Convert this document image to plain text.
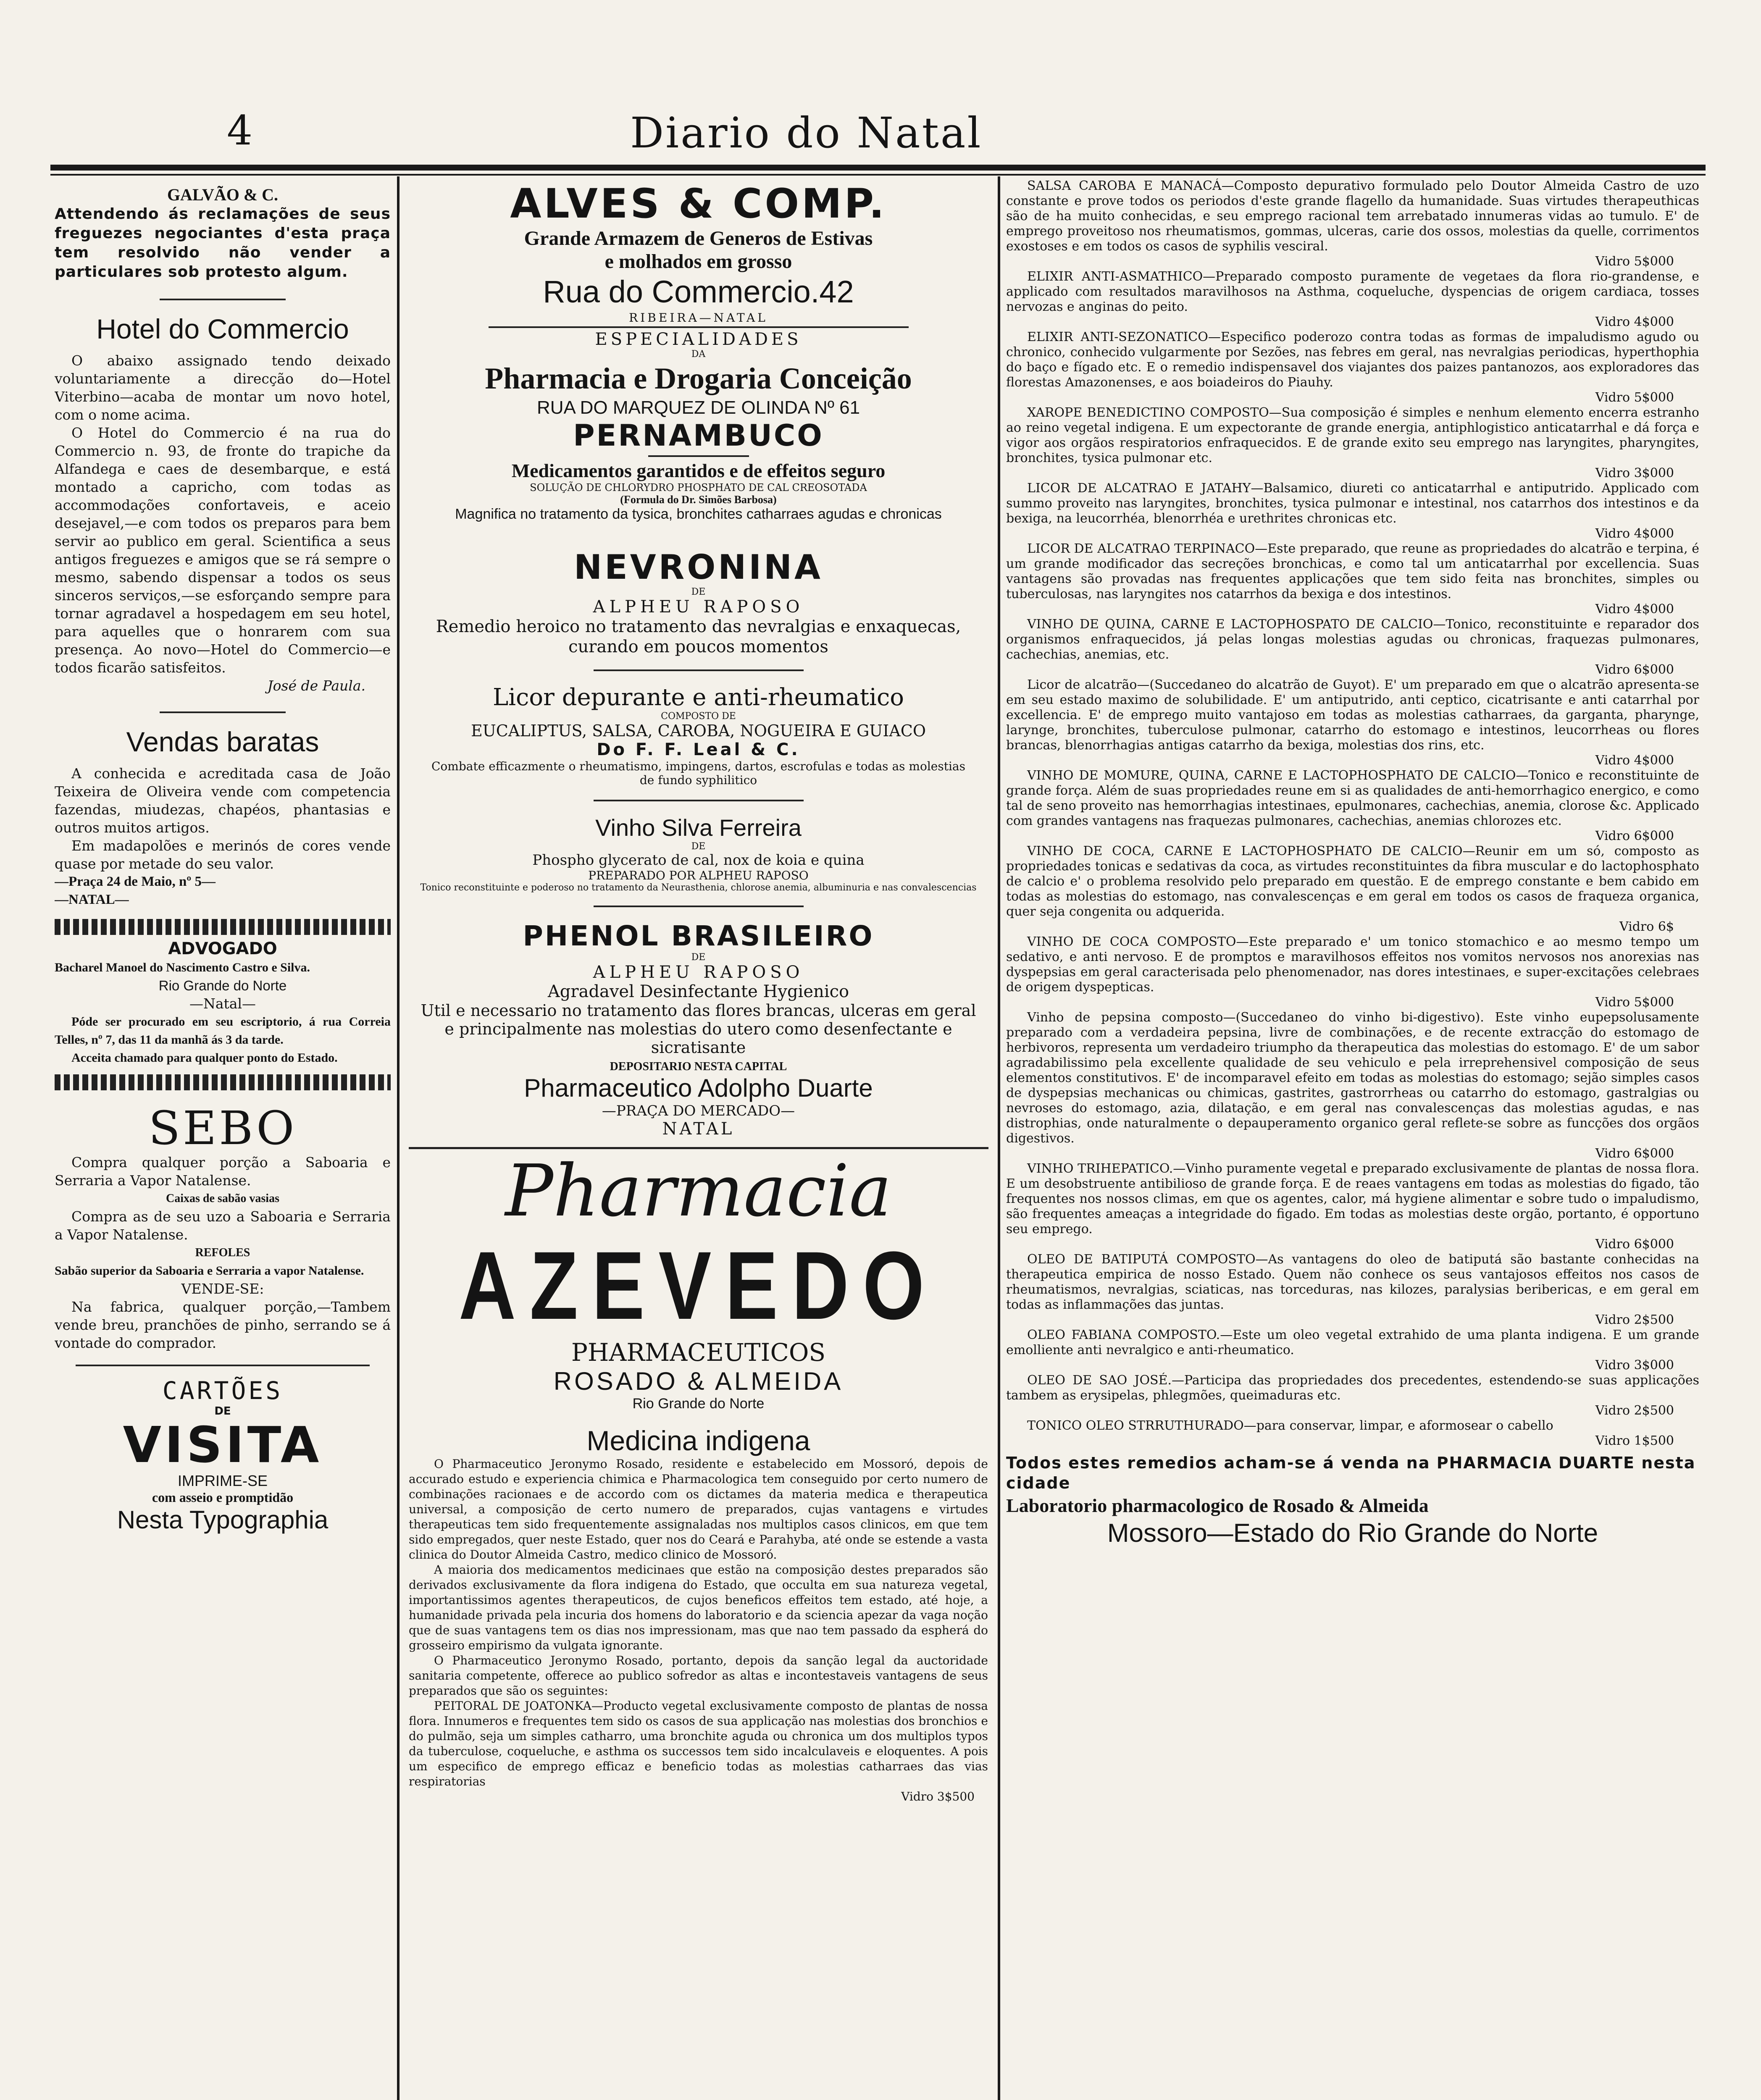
4	Diario do Natal
GALVÃO & C.

Attendendo ás reclamações de seus freguezes negociantes d'esta praça tem resolvido não vender a particulares sob protesto algum.

Hotel do Commercio

O abaixo assignado tendo deixado voluntariamente a direcção do—Hotel Viterbino—acaba de montar um novo hotel, com o nome acima.

O Hotel do Commercio é na rua do Commercio n. 93, de fronte do trapiche da Alfandega e caes de desembarque, e está montado a capricho, com todas as accommodações confortaveis, e aceio desejavel,—e com todos os preparos para bem servir ao publico em geral. Scientifica a seus antigos freguezes e amigos que se rá sempre o mesmo, sabendo dispensar a todos os seus sinceros serviços,—se esforçando sempre para tornar agradavel a hospedagem em seu hotel, para aquelles que o honrarem com sua presença. Ao novo—Hotel do Commercio—e todos ficarão satisfeitos.

José de Paula.

Vendas baratas

A conhecida e acreditada casa de João Teixeira de Oliveira vende com competencia fazendas, miudezas, chapéos, phantasias e outros muitos artigos.

Em madapolões e merinós de cores vende quase por metade do seu valor.

—Praça 24 de Maio, nº 5—

—NATAL—

ADVOGADO

Bacharel Manoel do Nascimento Castro e Silva.

Rio Grande do Norte

—Natal—

Póde ser procurado em seu escriptorio, á rua Correia Telles, nº 7, das 11 da manhã ás 3 da tarde.

Acceita chamado para qualquer ponto do Estado.

SEBO

Compra qualquer porção a Saboaria e Serraria a Vapor Natalense.

Caixas de sabão vasias

Compra as de seu uzo a Saboaria e Serraria a Vapor Natalense.

REFOLES

Sabão superior da Saboaria e Serraria a vapor Natalense.

VENDE-SE:

Na fabrica, qualquer porção,—Tambem vende breu, pranchões de pinho, serrando se á vontade do comprador.

CARTÕES
DE
VISITA
IMPRIME-SE
com asseio e promptidão
Nesta Typographia
ALVES & COMP.
Grande Armazem de Generos de Estivas
e molhados em grosso
Rua do Commercio.42
RIBEIRA—NATAL
ESPECIALIDADES
DA
Pharmacia e Drogaria Conceição
RUA DO MARQUEZ DE OLINDA Nº 61
PERNAMBUCO
Medicamentos garantidos e de effeitos seguro
SOLUÇÃO DE CHLORYDRO PHOSPHATO DE CAL CREOSOTADA
(Formula do Dr. Simões Barbosa)
Magnifica no tratamento da tysica, bronchites catharraes agudas e chronicas
NEVRONINA
DE
ALPHEU RAPOSO
Remedio heroico no tratamento das nevralgias e enxaquecas, curando em poucos momentos
Licor depurante e anti-rheumatico
COMPOSTO DE
EUCALIPTUS, SALSA, CAROBA, NOGUEIRA E GUIACO
Do F. F. Leal & C.
Combate efficazmente o rheumatismo, impingens, dartos, escrofulas e todas as molestias de fundo syphilitico
Vinho Silva Ferreira
DE
Phospho glycerato de cal, nox de koia e quina
PREPARADO POR ALPHEU RAPOSO
Tonico reconstituinte e poderoso no tratamento da Neurasthenia, chlorose anemia, albuminuria e nas convalescencias
PHENOL BRASILEIRO
DE
ALPHEU RAPOSO
Agradavel Desinfectante Hygienico
Util e necessario no tratamento das flores brancas, ulceras em geral e principalmente nas molestias do utero como desenfectante e sicratisante
DEPOSITARIO NESTA CAPITAL
Pharmaceutico Adolpho Duarte
—PRAÇA DO MERCADO—
NATAL
Pharmacia
AZEVEDO
PHARMACEUTICOS
ROSADO & ALMEIDA
Rio Grande do Norte
Medicina indigena

O Pharmaceutico Jeronymo Rosado, residente e estabelecido em Mossoró, depois de accurado estudo e experiencia chimica e Pharmacologica tem conseguido por certo numero de combinações racionaes e de accordo com os dictames da materia medica e therapeutica universal, a composição de certo numero de preparados, cujas vantagens e virtudes therapeuticas tem sido frequentemente assignaladas nos multiplos casos clinicos, em que tem sido empregados, quer neste Estado, quer nos do Ceará e Parahyba, até onde se estende a vasta clinica do Doutor Almeida Castro, medico clinico de Mossoró.

A maioria dos medicamentos medicinaes que estão na composição destes preparados são derivados exclusivamente da flora indigena do Estado, que occulta em sua natureza vegetal, importantissimos agentes therapeuticos, de cujos beneficos effeitos tem estado, até hoje, a humanidade privada pela incuria dos homens do laboratorio e da sciencia apezar da vaga noção que de suas vantagens tem os dias nos impressionam, mas que nao tem passado da espherá do grosseiro empirismo da vulgata ignorante.

O Pharmaceutico Jeronymo Rosado, portanto, depois da sanção legal da auctoridade sanitaria competente, offerece ao publico sofredor as altas e incontestaveis vantagens de seus preparados que são os seguintes:

PEITORAL DE JOATONKA—Producto vegetal exclusivamente composto de plantas de nossa flora. Innumeros e frequentes tem sido os casos de sua applicação nas molestias dos bronchios e do pulmão, seja um simples catharro, uma bronchite aguda ou chronica um dos multiplos typos da tuberculose, coqueluche, e asthma os successos tem sido incalculaveis e eloquentes. A pois um especifico de emprego efficaz e beneficio todas as molestias catharraes das vias respiratorias

Vidro 3$500

SALSA CAROBA E MANACÁ—Composto depurativo formulado pelo Doutor Almeida Castro de uzo constante e prove todos os periodos d'este grande flagello da humanidade. Suas virtudes therapeuthicas são de ha muito conhecidas, e seu emprego racional tem arrebatado innumeras vidas ao tumulo. E' de emprego proveitoso nos rheumatismos, gommas, ulceras, carie dos ossos, molestias da quelle, corrimentos exostoses e em todos os casos de syphilis vesciral.
Vidro 5$000

ELIXIR ANTI-ASMATHICO—Preparado composto puramente de vegetaes da flora rio-grandense, e applicado com resultados maravilhosos na Asthma, coqueluche, dyspencias de origem cardiaca, tosses nervozas e anginas do peito.
Vidro 4$000

ELIXIR ANTI-SEZONATICO—Especifico poderozo contra todas as formas de impaludismo agudo ou chronico, conhecido vulgarmente por Sezões, nas febres em geral, nas nevralgias periodicas, hyperthophia do baço e fígado etc. E o remedio indispensavel dos viajantes dos paizes pantanozos, aos exploradores das florestas Amazonenses, e aos boiadeiros do Piauhy.
Vidro 5$000

XAROPE BENEDICTINO COMPOSTO—Sua composição é simples e nenhum elemento encerra estranho ao reino vegetal indigena. E um expectorante de grande energia, antiphlogistico anticatarrhal e dá força e vigor aos orgãos respiratorios enfraquecidos. E de grande exito seu emprego nas laryngites, pharyngites, bronchites, tysica pulmonar etc.
Vidro 3$000

LICOR DE ALCATRAO E JATAHY—Balsamico, diureti co anticatarrhal e antiputrido. Applicado com summo proveito nas laryngites, bronchites, tysica pulmonar e intestinal, nos catarrhos dos intestinos e da bexiga, na leucorrhéa, blenorrhéa e urethrites chronicas etc.
Vidro 4$000

LICOR DE ALCATRAO TERPINACO—Este preparado, que reune as propriedades do alcatrão e terpina, é um grande modificador das secreções bronchicas, e como tal um anticatarrhal por excellencia. Suas vantagens são provadas nas frequentes applicações que tem sido feita nas bronchites, simples ou tuberculosas, nas laryngites nos catarrhos da bexiga e dos intestinos.
Vidro 4$000

VINHO DE QUINA, CARNE E LACTOPHOSPATO DE CALCIO—Tonico, reconstituinte e reparador dos organismos enfraquecidos, já pelas longas molestias agudas ou chronicas, fraquezas pulmonares, cachechias, anemias, etc.
Vidro 6$000

Licor de alcatrão—(Succedaneo do alcatrão de Guyot). E' um preparado em que o alcatrão apresenta-se em seu estado maximo de solubilidade. E' um antiputrido, anti ceptico, cicatrisante e anti catarrhal por excellencia. E' de emprego muito vantajoso em todas as molestias catharraes, da garganta, pharynge, larynge, bronchites, tuberculose pulmonar, catarrho do estomago e intestinos, leucorrheas ou flores brancas, blenorrhagias antigas catarrho da bexiga, molestias dos rins, etc.
Vidro 4$000

VINHO DE MOMURE, QUINA, CARNE E LACTOPHOSPHATO DE CALCIO—Tonico e reconstituinte de grande força. Além de suas propriedades reune em si as qualidades de anti-hemorrhagico energico, e como tal de seno proveito nas hemorrhagias intestinaes, epulmonares, cachechias, anemia, clorose &c. Applicado com grandes vantagens nas fraquezas pulmonares, cachechias, anemias chlorozes etc.
Vidro 6$000

VINHO DE COCA, CARNE E LACTOPHOSPHATO DE CALCIO—Reunir em um só, composto as propriedades tonicas e sedativas da coca, as virtudes reconstituintes da fibra muscular e do lactophosphato de calcio e' o problema resolvido pelo preparado em questão. E de emprego constante e bem cabido em todas as molestias do estomago, nas convalescenças e em geral em todos os casos de fraqueza organica, quer seja congenita ou adquerida.
Vidro 6$

VINHO DE COCA COMPOSTO—Este preparado e' um tonico stomachico e ao mesmo tempo um sedativo, e anti nervoso. E de promptos e maravilhosos effeitos nos vomitos nervosos nos anorexias nas dyspepsias em geral caracterisada pelo phenomenador, nas dores intestinaes, e super-excitações celebraes de origem dyspepticas.
Vidro 5$000

Vinho de pepsina composto—(Succedaneo do vinho bi-digestivo). Este vinho eupepsolusamente preparado com a verdadeira pepsina, livre de combinações, e de recente extracção do estomago de herbivoros, representa um verdadeiro triumpho da therapeutica das molestias do estomago. E' de um sabor agradabilissimo pela excellente qualidade de seu vehiculo e pela irreprehensivel composição de seus elementos constitutivos. E' de incomparavel efeito em todas as molestias do estomago; sejão simples casos de dyspepsias mechanicas ou chimicas, gastrites, gastrorrheas ou catarrho do estomago, gastralgias ou nevroses do estomago, azia, dilatação, e em geral nas convalescenças das molestias agudas, e nas distrophias, onde naturalmente o depauperamento organico geral reflete-se sobre as funcções dos orgãos digestivos.
Vidro 6$000

VINHO TRIHEPATICO.—Vinho puramente vegetal e preparado exclusivamente de plantas de nossa flora. E um desobstruente antibilioso de grande força. E de reaes vantagens em todas as molestias do figado, tão frequentes nos nossos climas, em que os agentes, calor, má hygiene alimentar e sobre tudo o impaludismo, são frequentes ameaças a integridade do figado. Em todas as molestias deste orgão, portanto, é opportuno seu emprego.
Vidro 6$000

OLEO DE BATIPUTÁ COMPOSTO—As vantagens do oleo de batiputá são bastante conhecidas na therapeutica empirica de nosso Estado. Quem não conhece os seus vantajosos effeitos nos casos de rheumatismos, nevralgias, sciaticas, nas torceduras, nas kilozes, paralysias beribericas, e em geral em todas as inflammações das juntas.
Vidro 2$500

OLEO FABIANA COMPOSTO.—Este um oleo vegetal extrahido de uma planta indigena. E um grande emolliente anti nevralgico e anti-rheumatico.
Vidro 3$000

OLEO DE SAO JOSÉ.—Participa das propriedades dos precedentes, estendendo-se suas applicações tambem as erysipelas, phlegmões, queimaduras etc.
Vidro 2$500

TONICO OLEO STRRUTHURADO—para conservar, limpar, e aformosear o cabello
Vidro 1$500

Todos estes remedios acham-se á venda na PHARMACIA DUARTE nesta cidade

Laboratorio pharmacologico de Rosado & Almeida

Mossoro—Estado do Rio Grande do Norte
